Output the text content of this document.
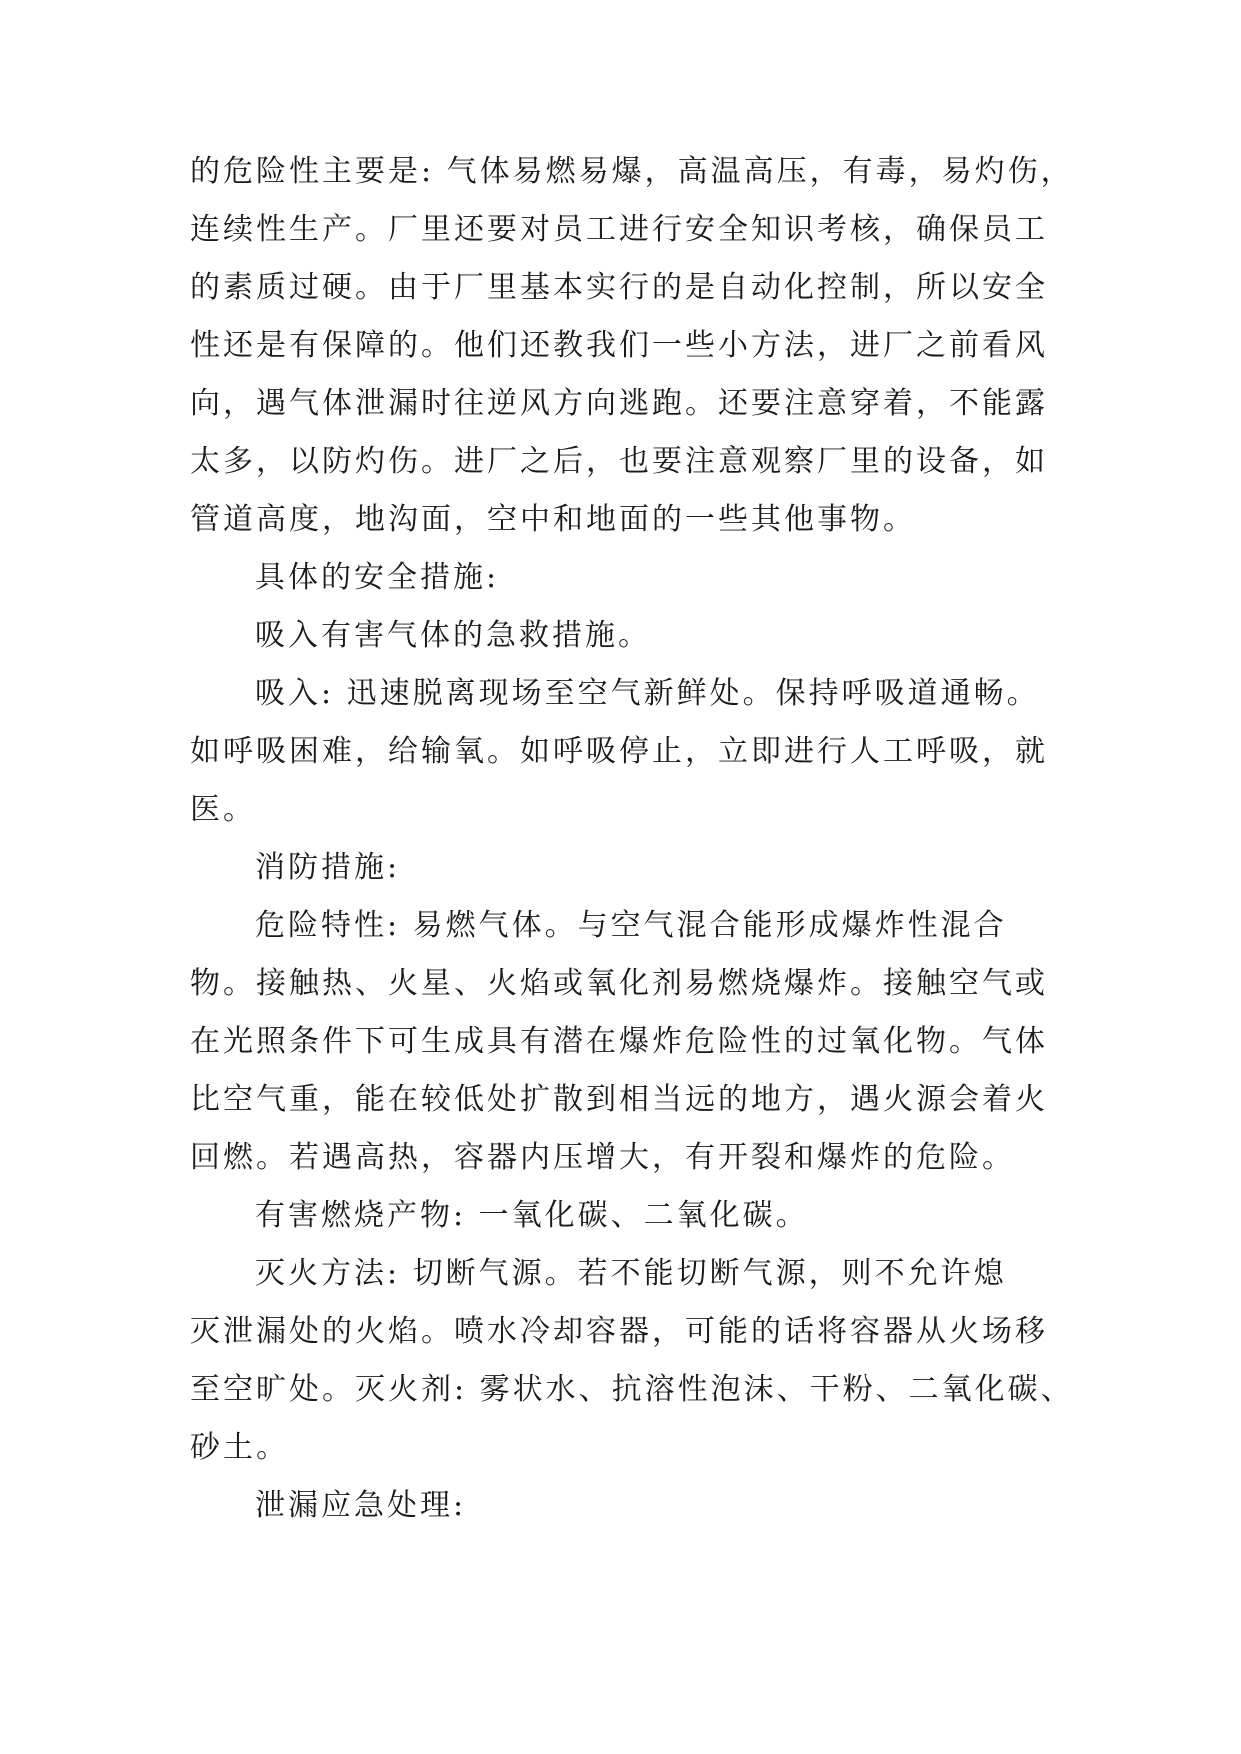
的危险性主要是: 气体易燃易爆，高温高压，有毒，易灼伤，
连续性生产。厂里还要对员工进行安全知识考核，确保员工
的素质过硬。由于厂里基本实行的是自动化控制，所以安全
性还是有保障的。他们还教我们一些小方法，进厂之前看风
向，遇气体泄漏时往逆风方向逃跑。还要注意穿着，不能露
太多，以防灼伤。进厂之后，也要注意观察厂里的设备，如
管道高度，地沟面，空中和地面的一些其他事物。
具体的安全措施:
吸入有害气体的急救措施。
吸入: 迅速脱离现场至空气新鲜处。保持呼吸道通畅。
如呼吸困难，给输氧。如呼吸停止，立即进行人工呼吸，就
医。
消防措施:
危险特性: 易燃气体。与空气混合能形成爆炸性混合
物。接触热、火星、火焰或氧化剂易燃烧爆炸。接触空气或
在光照条件下可生成具有潜在爆炸危险性的过氧化物。气体
比空气重，能在较低处扩散到相当远的地方，遇火源会着火
回燃。若遇高热，容器内压增大，有开裂和爆炸的危险。
有害燃烧产物: 一氧化碳、二氧化碳。
灭火方法: 切断气源。若不能切断气源，则不允许熄
灭泄漏处的火焰。喷水冷却容器，可能的话将容器从火场移
至空旷处。灭火剂: 雾状水、抗溶性泡沫、干粉、二氧化碳、
砂土。
泄漏应急处理:
